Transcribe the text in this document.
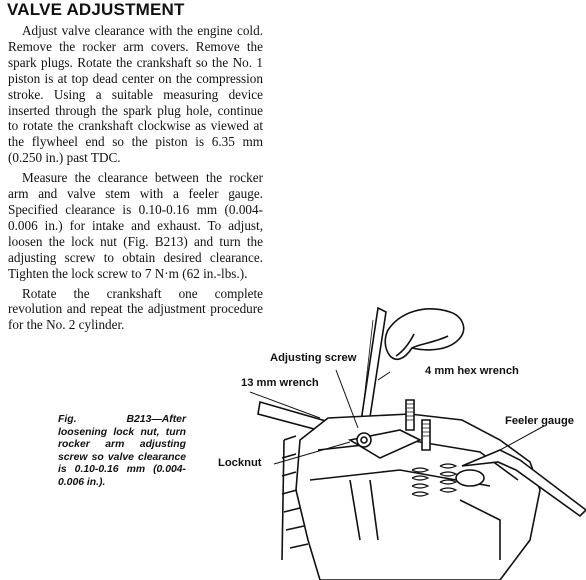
VALVE ADJUSTMENT

Adjust valve clearance with the engine cold. Remove the rocker arm covers. Remove the spark plugs. Rotate the crankshaft so the No. 1 piston is at top dead center on the compression stroke. Using a suitable measuring device inserted through the spark plug hole, continue to rotate the crankshaft clockwise as viewed at the flywheel end so the piston is 6.35 mm (0.250 in.) past TDC.

Measure the clearance between the rocker arm and valve stem with a feeler gauge. Specified clearance is 0.10-0.16 mm (0.004-0.006 in.) for intake and exhaust. To adjust, loosen the lock nut (Fig. B213) and turn the adjusting screw to obtain desired clearance. Tighten the lock screw to 7 N·m (62 in.-lbs.).

Rotate the crankshaft one complete revolution and repeat the adjustment procedure for the No. 2 cylinder.

Fig. B213—After loosening lock nut, turn rocker arm adjusting screw so valve clearance is 0.10-0.16 mm (0.004-0.006 in.).
Adjusting screw
4 mm hex wrench
13 mm wrench
Feeler gauge
Locknut
